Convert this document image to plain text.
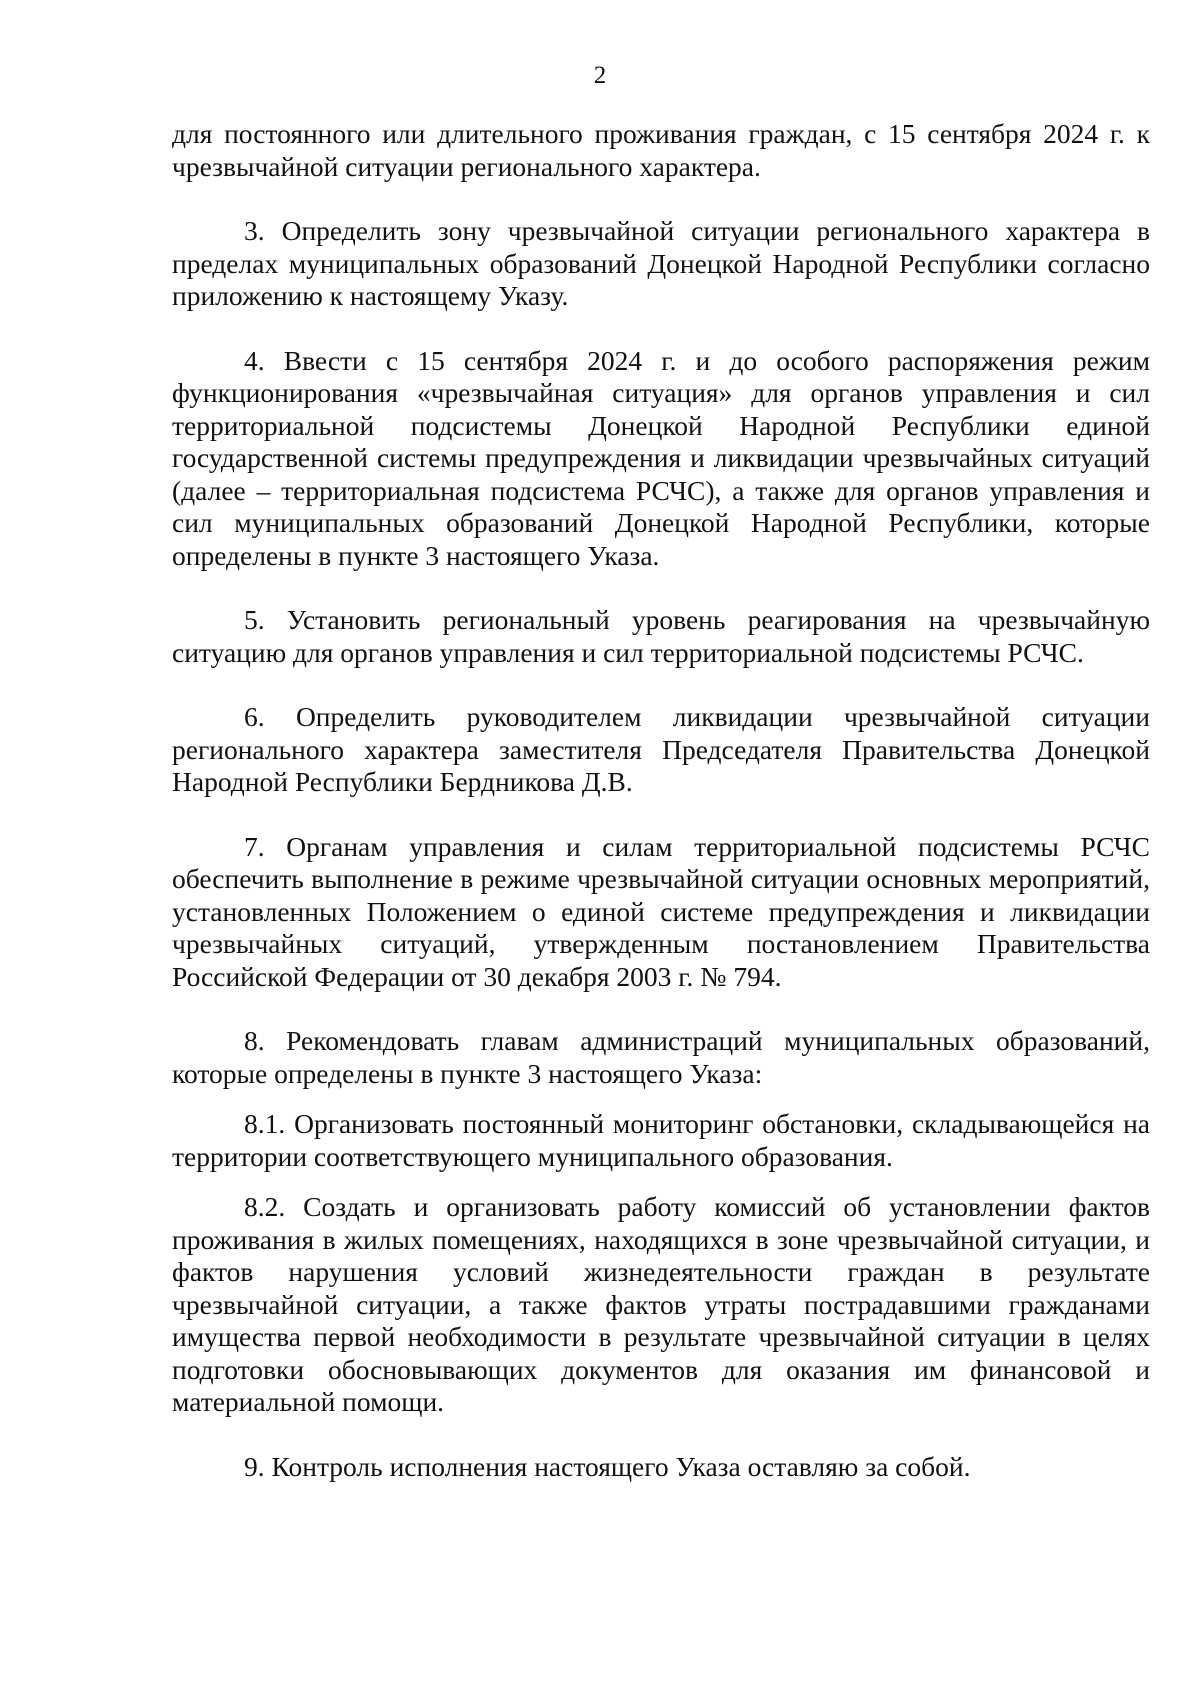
2

для постоянного или длительного проживания граждан, с 15 сентября 2024 г. к чрезвычайной ситуации регионального характера.

3. Определить зону чрезвычайной ситуации регионального характера в пределах муниципальных образований Донецкой Народной Республики согласно приложению к настоящему Указу.

4. Ввести с 15 сентября 2024 г. и до особого распоряжения режим функционирования «чрезвычайная ситуация» для органов управления и сил территориальной подсистемы Донецкой Народной Республики единой государственной системы предупреждения и ликвидации чрезвычайных ситуаций (далее – территориальная подсистема РСЧС), а также для органов управления и сил муниципальных образований Донецкой Народной Республики, которые определены в пункте 3 настоящего Указа.

5. Установить региональный уровень реагирования на чрезвычайную ситуацию для органов управления и сил территориальной подсистемы РСЧС.

6. Определить руководителем ликвидации чрезвычайной ситуации регионального характера заместителя Председателя Правительства Донецкой Народной Республики Бердникова Д.В.

7. Органам управления и силам территориальной подсистемы РСЧС обеспечить выполнение в режиме чрезвычайной ситуации основных мероприятий, установленных Положением о единой системе предупреждения и ликвидации чрезвычайных ситуаций, утвержденным постановлением Правительства Российской Федерации от 30 декабря 2003 г. № 794.

8. Рекомендовать главам администраций муниципальных образований, которые определены в пункте 3 настоящего Указа:

8.1. Организовать постоянный мониторинг обстановки, складывающейся на территории соответствующего муниципального образования.

8.2. Создать и организовать работу комиссий об установлении фактов проживания в жилых помещениях, находящихся в зоне чрезвычайной ситуации, и фактов нарушения условий жизнедеятельности граждан в результате чрезвычайной ситуации, а также фактов утраты пострадавшими гражданами имущества первой необходимости в результате чрезвычайной ситуации в целях подготовки обосновывающих документов для оказания им финансовой и материальной помощи.

9. Контроль исполнения настоящего Указа оставляю за собой.
